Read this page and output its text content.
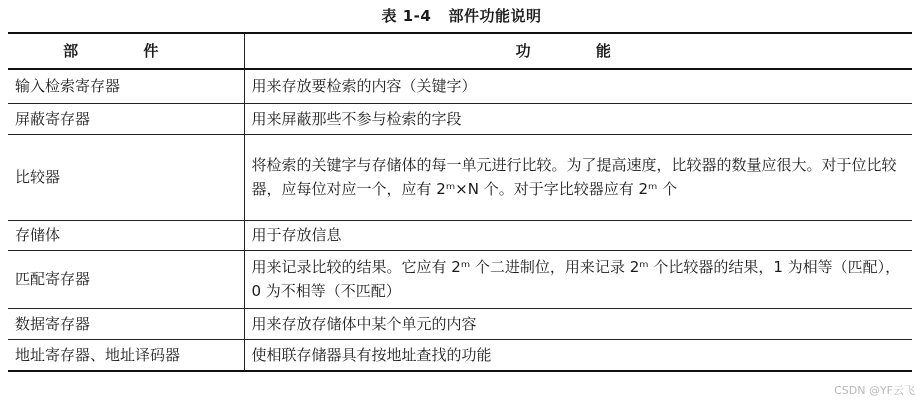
表 1-4   部件功能说明
部 件	功 能
输入检索寄存器	用来存放要检索的内容（关键字）
屏蔽寄存器	用来屏蔽那些不参与检索的字段
比较器	将检索的关键字与存储体的每一单元进行比较。为了提高速度，比较器的数量应很大。对于位比较器，应每位对应一个，应有 2ᵐ×N 个。对于字比较器应有 2ᵐ 个
存储体	用于存放信息
匹配寄存器	用来记录比较的结果。它应有 2ᵐ 个二进制位，用来记录 2ᵐ 个比较器的结果，1 为相等（匹配），0 为不相等（不匹配）
数据寄存器	用来存放存储体中某个单元的内容
地址寄存器、地址译码器	使相联存储器具有按地址查找的功能
CSDN @YF云飞
